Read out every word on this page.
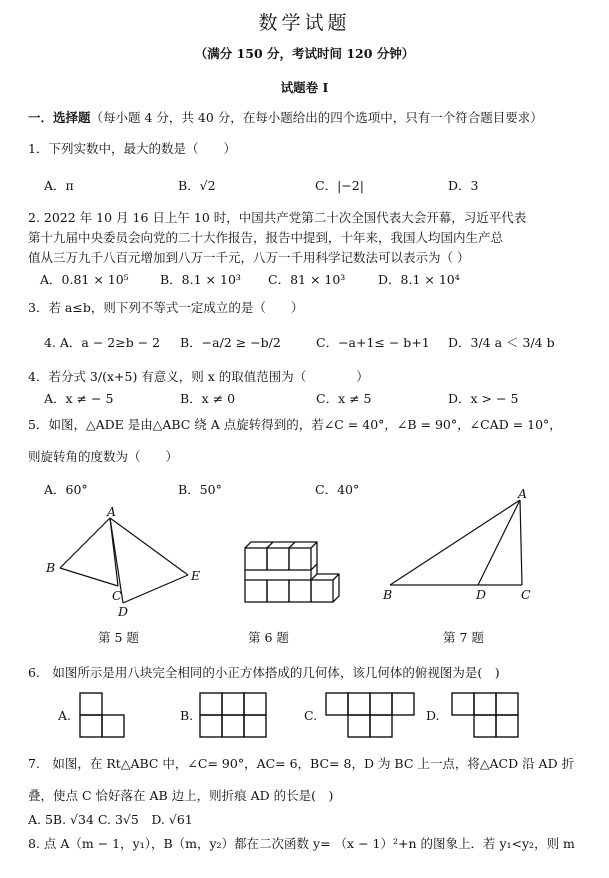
数学试题
（满分 150 分，考试时间 120 分钟）
试题卷 I
一．选择题（每小题 4 分，共 40 分，在每小题给出的四个选项中，只有一个符合题目要求）
1．下列实数中，最大的数是（　　）
A．π	B．√2	C．|−2|	D．3
2. 2022 年 10 月 16 日上午 10 时，中国共产党第二十次全国代表大会开幕，习近平代表
第十九届中央委员会向党的二十大作报告，报告中提到，十年来，我国人均国内生产总
值从三万九千八百元增加到八万一千元，八万一千用科学记数法可以表示为（ ）
A．0.81 × 10⁵	B．8.1 × 10³ C．81 × 10³	D．8.1 × 10⁴
3．若 a≤b，则下列不等式一定成立的是（　　）
4. A．a − 2≥b − 2 B．−a/2 ≥ −b/2	C．−a+1≤ − b+1 D．3/4 a ＜ 3/4 b
4．若分式 3/(x+5) 有意义，则 x 的取值范围为（　　　　）
A．x ≠ − 5	B．x ≠ 0	C．x ≠ 5	D．x > − 5
5．如图，△ADE 是由△ABC 绕 A 点旋转得到的，若∠C = 40°，∠B = 90°，∠CAD = 10°，
则旋转角的度数为（　　）
A．60°	B．50°	C．40°
A
B
C
D
E
A
B	D	C
第 5 题	第 6 题	第 7 题
6.　如图所示是用八块完全相同的小正方体搭成的几何体，该几何体的俯视图为是(　)
A.	B.	C.	D.
7.　如图，在 Rt△ABC 中，∠C= 90°，AC= 6，BC= 8，D 为 BC 上一点，将△ACD 沿 AD 折
叠，使点 C 恰好落在 AB 边上，则折痕 AD 的长是(　)
A. 5B. √34 C. 3√5　D. √61
8. 点 A（m − 1，y₁），B（m，y₂）都在二次函数 y= （x − 1）²+n 的图象上．若 y₁<y₂，则 m
